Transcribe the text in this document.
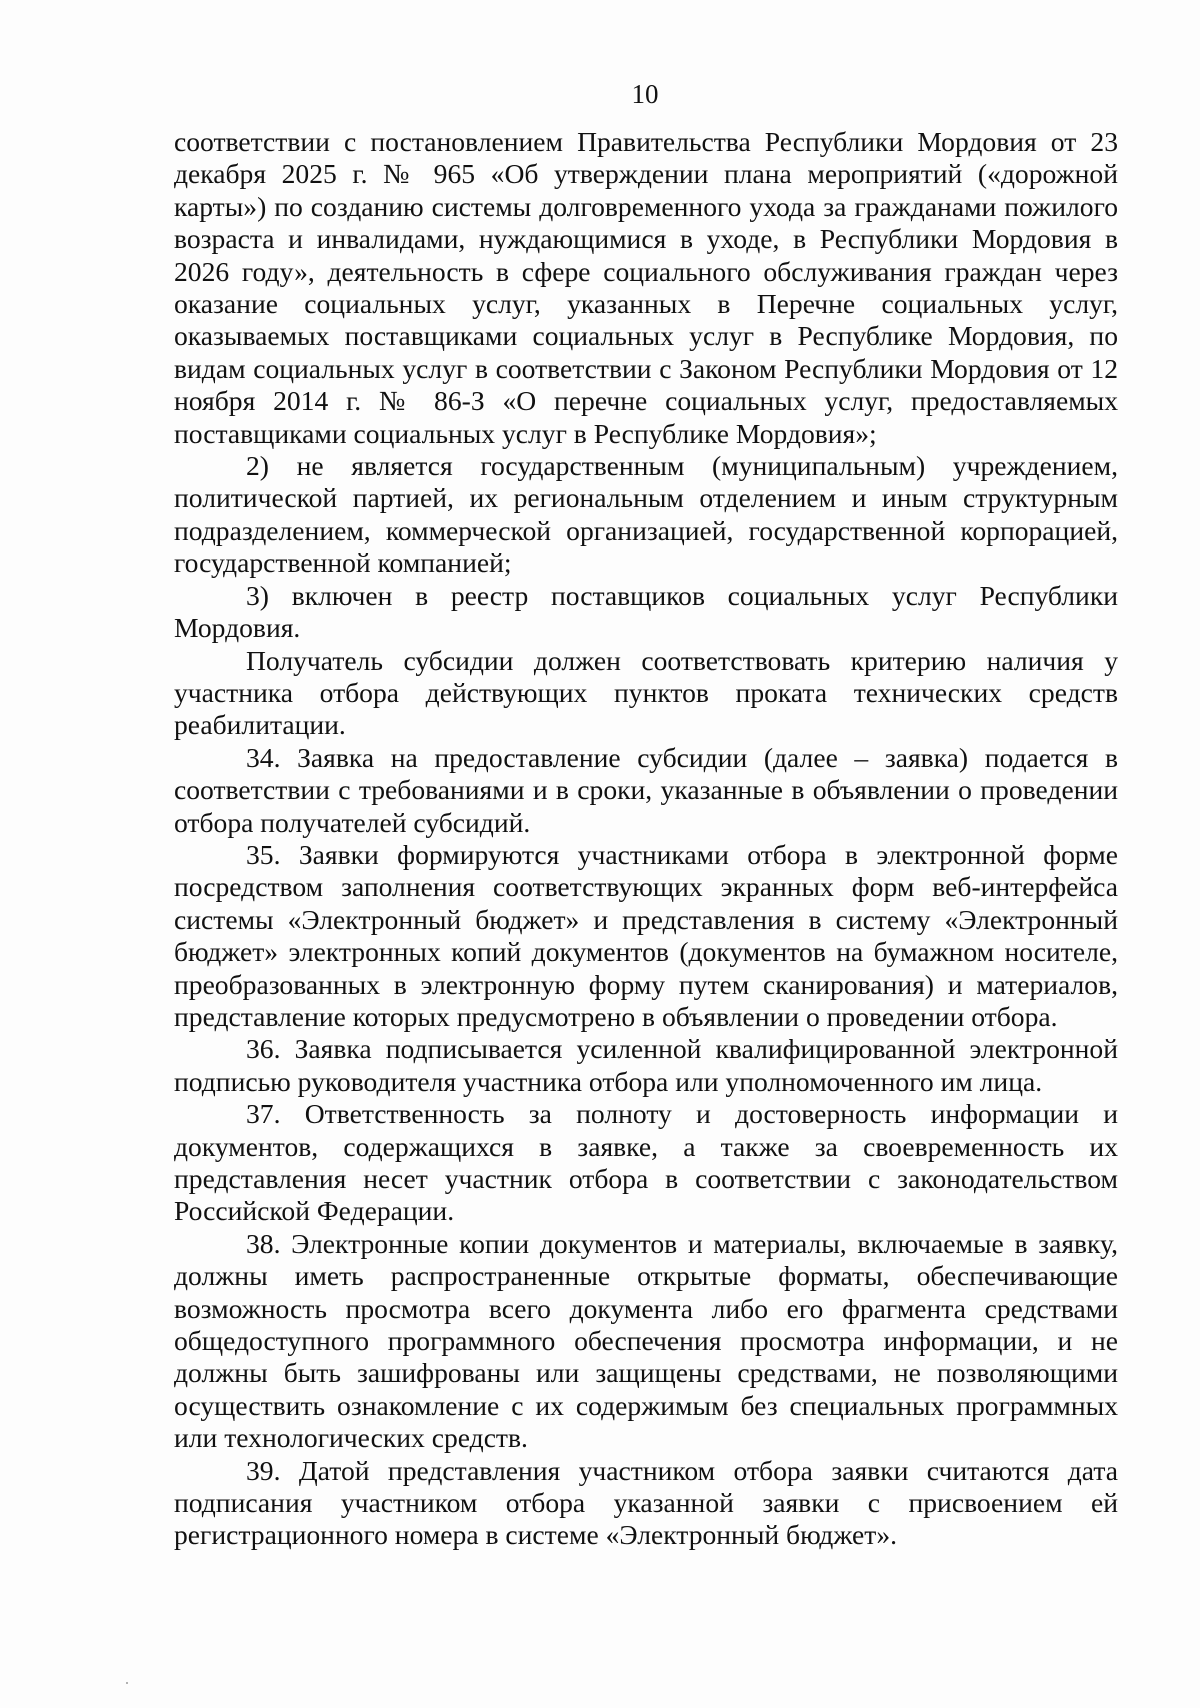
10

соответствии с постановлением Правительства Республики Мордовия от 23 декабря 2025 г. № 965 «Об утверждении плана мероприятий («дорожной карты») по созданию системы долговременного ухода за гражданами пожилого возраста и инвалидами, нуждающимися в уходе, в Республики Мордовия в 2026 году», деятельность в сфере социального обслуживания граждан через оказание социальных услуг, указанных в Перечне социальных услуг, оказываемых поставщиками социальных услуг в Республике Мордовия, по видам социальных услуг в соответствии с Законом Республики Мордовия от 12 ноября 2014 г. № 86-З «О перечне социальных услуг, предоставляемых поставщиками социальных услуг в Республике Мордовия»;

2) не является государственным (муниципальным) учреждением, политической партией, их региональным отделением и иным структурным подразделением, коммерческой организацией, государственной корпорацией, государственной компанией;

3) включен в реестр поставщиков социальных услуг Республики Мордовия.

Получатель субсидии должен соответствовать критерию наличия у участника отбора действующих пунктов проката технических средств реабилитации.

34. Заявка на предоставление субсидии (далее – заявка) подается в соответствии с требованиями и в сроки, указанные в объявлении о проведении отбора получателей субсидий.

35. Заявки формируются участниками отбора в электронной форме посредством заполнения соответствующих экранных форм веб-интерфейса системы «Электронный бюджет» и представления в систему «Электронный бюджет» электронных копий документов (документов на бумажном носителе, преобразованных в электронную форму путем сканирования) и материалов, представление которых предусмотрено в объявлении о проведении отбора.

36. Заявка подписывается усиленной квалифицированной электронной подписью руководителя участника отбора или уполномоченного им лица.

37. Ответственность за полноту и достоверность информации и документов, содержащихся в заявке, а также за своевременность их представления несет участник отбора в соответствии с законодательством Российской Федерации.

38. Электронные копии документов и материалы, включаемые в заявку, должны иметь распространенные открытые форматы, обеспечивающие возможность просмотра всего документа либо его фрагмента средствами общедоступного программного обеспечения просмотра информации, и не должны быть зашифрованы или защищены средствами, не позволяющими осуществить ознакомление с их содержимым без специальных программных или технологических средств.

39. Датой представления участником отбора заявки считаются дата подписания участником отбора указанной заявки с присвоением ей регистрационного номера в системе «Электронный бюджет».
